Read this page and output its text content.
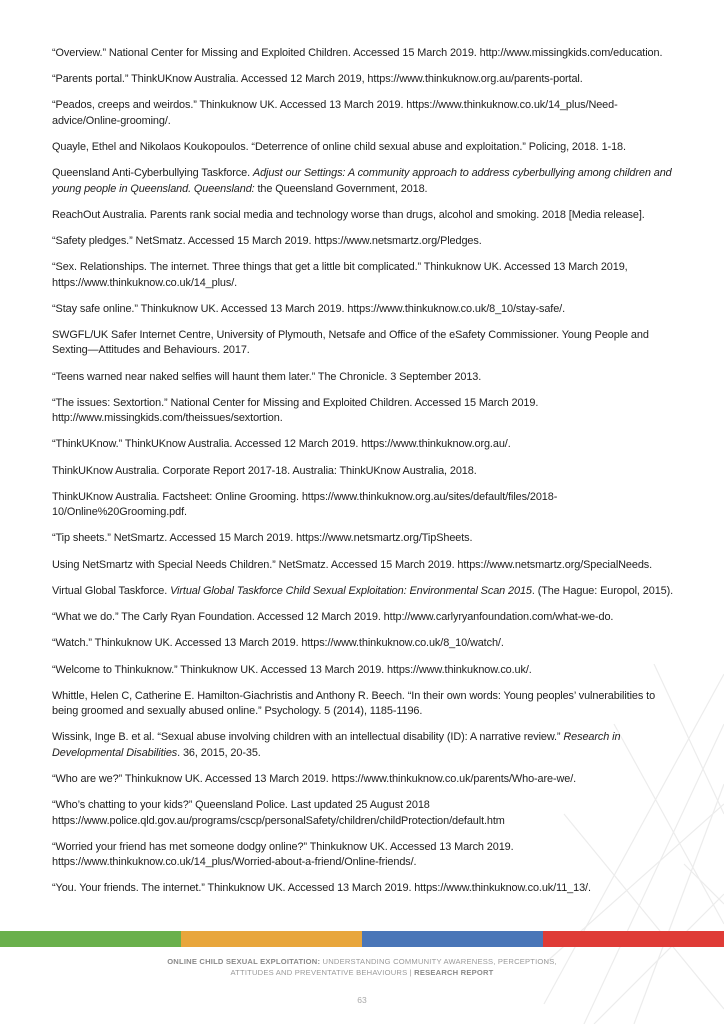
“Overview.” National Center for Missing and Exploited Children. Accessed 15 March 2019. http://www.missingkids.com/education.

“Parents portal.” ThinkUKnow Australia. Accessed 12 March 2019, https://www.thinkuknow.org.au/parents-portal.

“Peados, creeps and weirdos.” Thinkuknow UK. Accessed 13 March 2019. https://www.thinkuknow.co.uk/14_plus/Need-advice/Online-grooming/.

Quayle, Ethel and Nikolaos Koukopoulos. “Deterrence of online child sexual abuse and exploitation.” Policing, 2018. 1-18.

Queensland Anti-Cyberbullying Taskforce. Adjust our Settings: A community approach to address cyberbullying among children and young people in Queensland. Queensland: the Queensland Government, 2018.

ReachOut Australia. Parents rank social media and technology worse than drugs, alcohol and smoking. 2018 [Media release].

“Safety pledges.” NetSmatz. Accessed 15 March 2019. https://www.netsmartz.org/Pledges.

“Sex. Relationships. The internet. Three things that get a little bit complicated.” Thinkuknow UK. Accessed 13 March 2019, https://www.thinkuknow.co.uk/14_plus/.

“Stay safe online.” Thinkuknow UK. Accessed 13 March 2019. https://www.thinkuknow.co.uk/8_10/stay-safe/.

SWGFL/UK Safer Internet Centre, University of Plymouth, Netsafe and Office of the eSafety Commissioner. Young People and Sexting—Attitudes and Behaviours. 2017.

“Teens warned near naked selfies will haunt them later.” The Chronicle. 3 September 2013.

“The issues: Sextortion.” National Center for Missing and Exploited Children. Accessed 15 March 2019. http://www.missingkids.com/theissues/sextortion.

“ThinkUKnow.” ThinkUKnow Australia. Accessed 12 March 2019. https://www.thinkuknow.org.au/.

ThinkUKnow Australia. Corporate Report 2017-18. Australia: ThinkUKnow Australia, 2018.

ThinkUKnow Australia. Factsheet: Online Grooming. https://www.thinkuknow.org.au/sites/default/files/2018-10/Online%20Grooming.pdf.

“Tip sheets.” NetSmartz. Accessed 15 March 2019. https://www.netsmartz.org/TipSheets.

Using NetSmartz with Special Needs Children.” NetSmatz. Accessed 15 March 2019. https://www.netsmartz.org/SpecialNeeds.

Virtual Global Taskforce. Virtual Global Taskforce Child Sexual Exploitation: Environmental Scan 2015. (The Hague: Europol, 2015).

“What we do.” The Carly Ryan Foundation. Accessed 12 March 2019. http://www.carlyryanfoundation.com/what-we-do.

“Watch.” Thinkuknow UK. Accessed 13 March 2019. https://www.thinkuknow.co.uk/8_10/watch/.

“Welcome to Thinkuknow.” Thinkuknow UK. Accessed 13 March 2019. https://www.thinkuknow.co.uk/.

Whittle, Helen C, Catherine E. Hamilton-Giachristis and Anthony R. Beech. “In their own words: Young peoples’ vulnerabilities to being groomed and sexually abused online.” Psychology. 5 (2014), 1185-1196.

Wissink, Inge B. et al. “Sexual abuse involving children with an intellectual disability (ID): A narrative review.” Research in Developmental Disabilities. 36, 2015, 20-35.

“Who are we?” Thinkuknow UK. Accessed 13 March 2019. https://www.thinkuknow.co.uk/parents/Who-are-we/.

“Who’s chatting to your kids?” Queensland Police. Last updated 25 August 2018 https://www.police.qld.gov.au/programs/cscp/personalSafety/children/childProtection/default.htm

“Worried your friend has met someone dodgy online?” Thinkuknow UK. Accessed 13 March 2019. https://www.thinkuknow.co.uk/14_plus/Worried-about-a-friend/Online-friends/.

“You. Your friends. The internet.” Thinkuknow UK. Accessed 13 March 2019. https://www.thinkuknow.co.uk/11_13/.

ONLINE CHILD SEXUAL EXPLOITATION: UNDERSTANDING COMMUNITY AWARENESS, PERCEPTIONS,
ATTITUDES AND PREVENTATIVE BEHAVIOURS | RESEARCH REPORT
63
